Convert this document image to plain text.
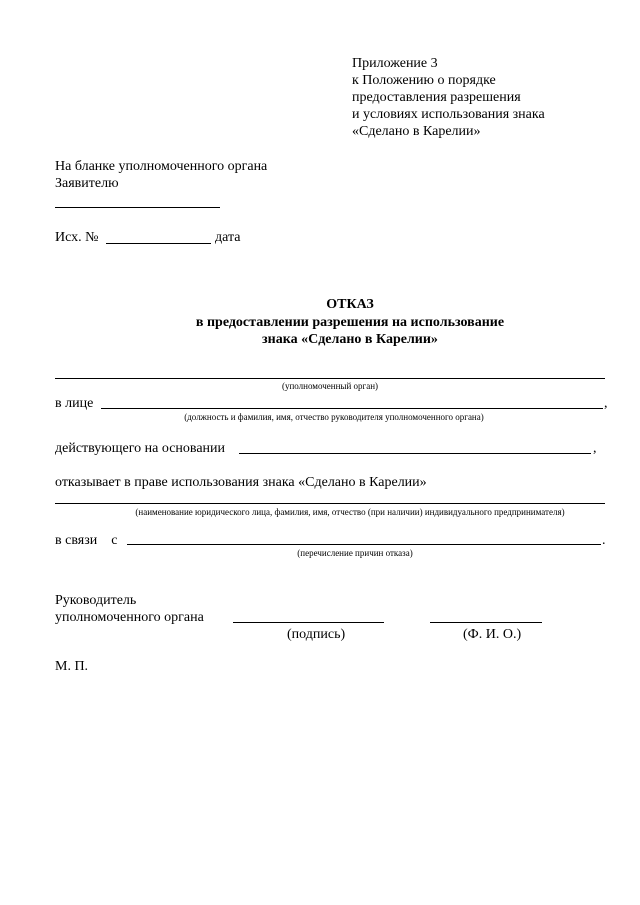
Приложение 3
к Положению о порядке
предоставления разрешения
и условиях использования знака
«Сделано в Карелии»
На бланке уполномоченного органа
Заявителю
Исх. №	дата
ОТКАЗ
в предоставлении разрешения на использование
знака «Сделано в Карелии»
(уполномоченный орган)
в лице	,
(должность и фамилия, имя, отчество руководителя уполномоченного органа)
действующего на основании	,
отказывает в праве использования знака «Сделано в Карелии»
(наименование юридического лица, фамилия, имя, отчество (при наличии) индивидуального предпринимателя)
в связи    с	.
(перечисление причин отказа)
Руководитель
уполномоченного органа
(подпись)	(Ф. И. О.)
М. П.
